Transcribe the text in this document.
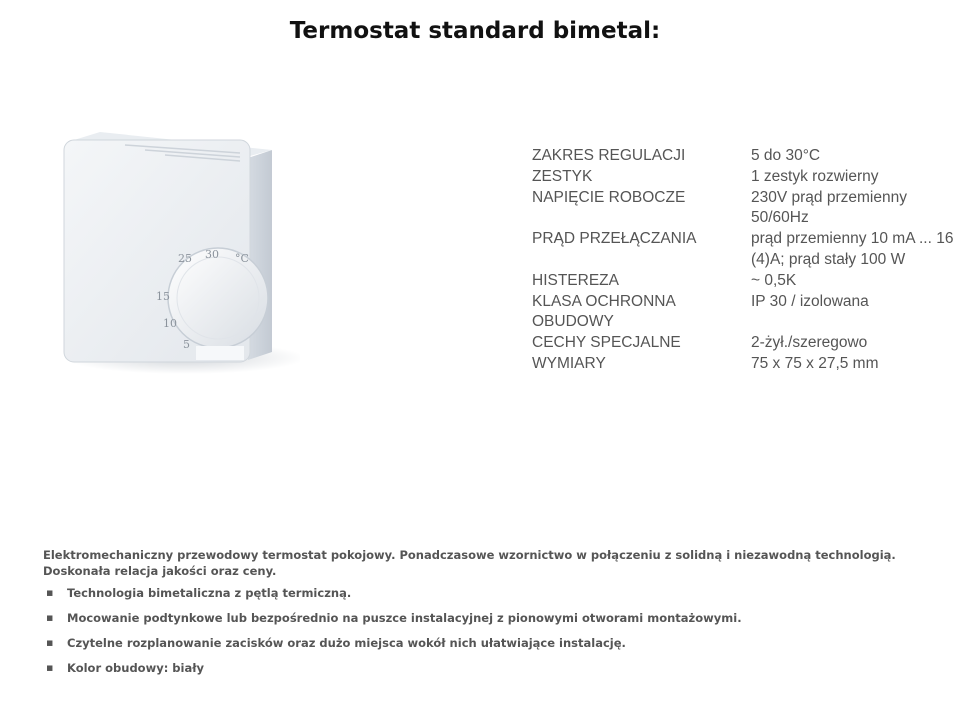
Termostat standard bimetal:
25 30 °C
15
10
5
ZAKRES REGULACJI	5 do 30°C
ZESTYK	1 zestyk rozwierny
NAPIĘCIE ROBOCZE	230V prąd przemienny 50/60Hz
PRĄD PRZEŁĄCZANIA	prąd przemienny 10 mA ... 16 (4)A; prąd stały 100 W
HISTEREZA	~ 0,5K
KLASA OCHRONNA OBUDOWY	IP 30 / izolowana
CECHY SPECJALNE	2-żył./szeregowo
WYMIARY	75 x 75 x 27,5 mm

Elektromechaniczny przewodowy termostat pokojowy. Ponadczasowe wzornictwo w połączeniu z solidną i niezawodną technologią.

Doskonała relacja jakości oraz ceny.

▪ Technologia bimetaliczna z pętlą termiczną.
▪ Mocowanie podtynkowe lub bezpośrednio na puszce instalacyjnej z pionowymi otworami montażowymi.
▪ Czytelne rozplanowanie zacisków oraz dużo miejsca wokół nich ułatwiające instalację.
▪ Kolor obudowy: biały
